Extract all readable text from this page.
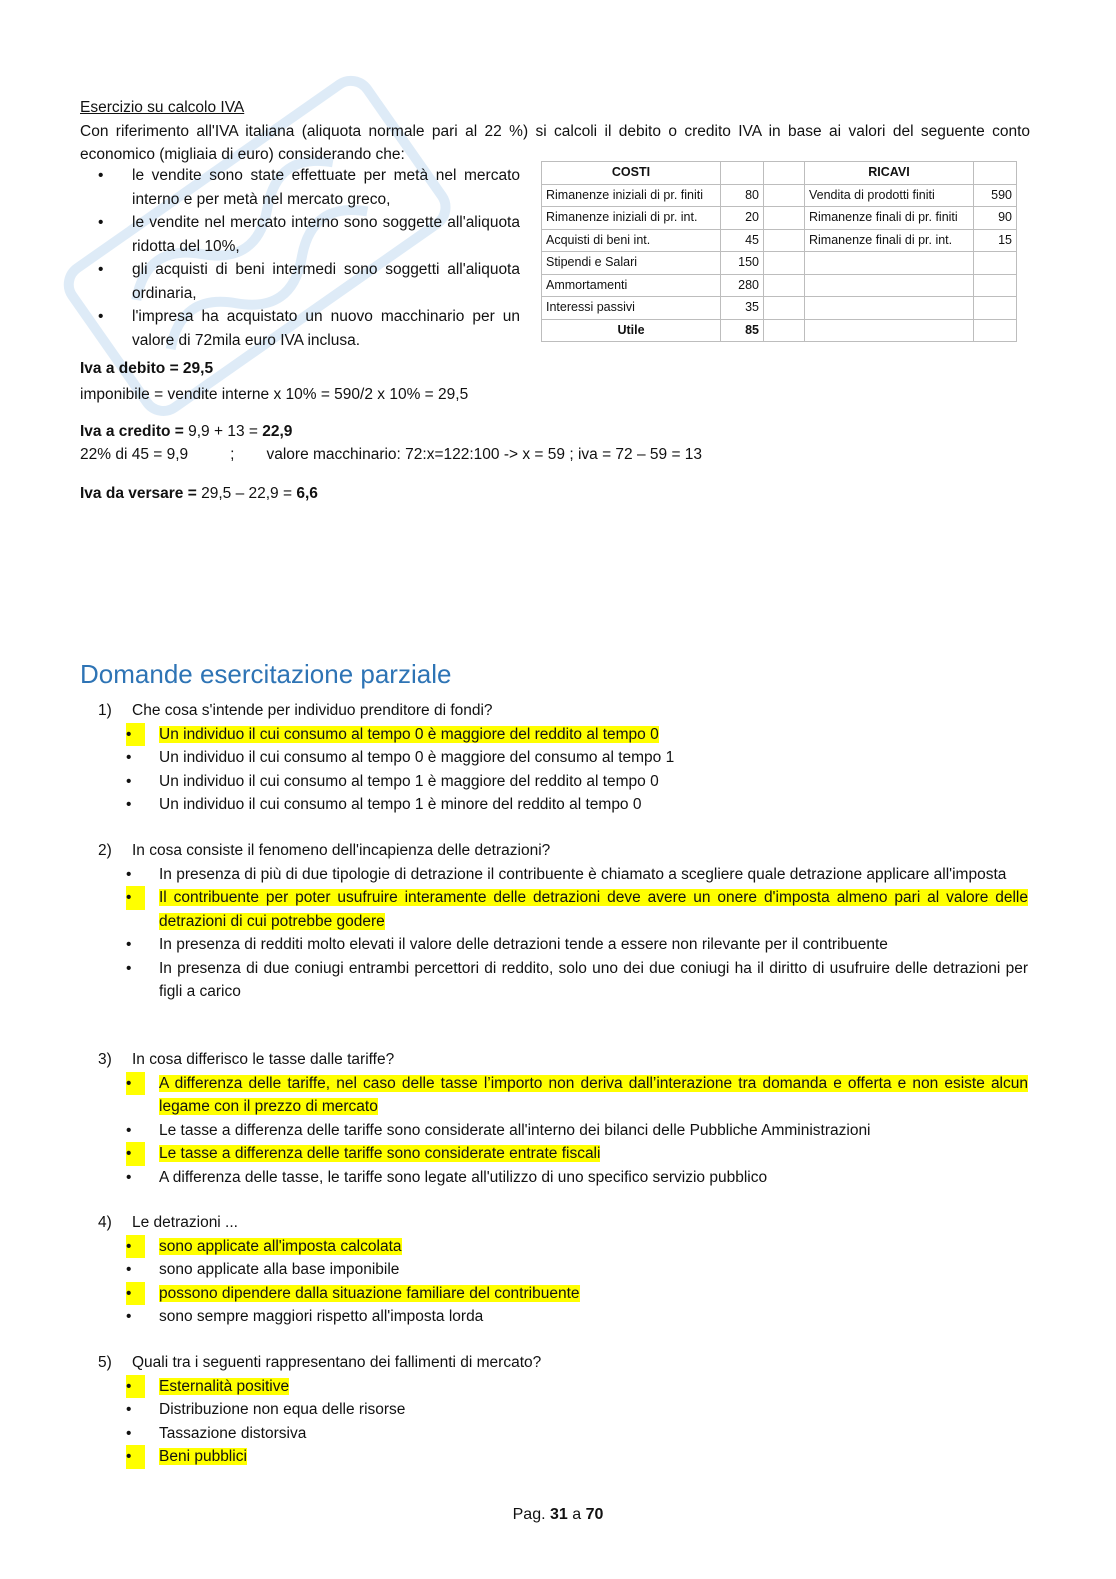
Esercizio su calcolo IVA
Con riferimento all'IVA italiana (aliquota normale pari al 22 %) si calcoli il debito o credito IVA in base ai valori del seguente conto economico (migliaia di euro) considerando che:
• le vendite sono state effettuate per metà nel mercato interno e per metà nel mercato greco,
• le vendite nel mercato interno sono soggette all'aliquota ridotta del 10%,
• gli acquisti di beni intermedi sono soggetti all'aliquota ordinaria,
• l'impresa ha acquistato un nuovo macchinario per un valore di 72mila euro IVA inclusa.
COSTI			RICAVI	
Rimanenze iniziali di pr. finiti	80		Vendita di prodotti finiti	590
Rimanenze iniziali di pr. int.	20		Rimanenze finali di pr. finiti	90
Acquisti di beni int.	45		Rimanenze finali di pr. int.	15
Stipendi e Salari	150			
Ammortamenti	280			
Interessi passivi	35			
Utile	85			
Iva a debito = 29,5
imponibile = vendite interne x 10% = 590/2 x 10% = 29,5
Iva a credito = 9,9 + 13 = 22,9
22% di 45 = 9,9	; valore macchinario: 72:x=122:100 -> x = 59 ; iva = 72 – 59 = 13
Iva da versare = 29,5 – 22,9 = 6,6
Domande esercitazione parziale
1) Che cosa s'intende per individuo prenditore di fondi?
• Un individuo il cui consumo al tempo 0 è maggiore del reddito al tempo 0
• Un individuo il cui consumo al tempo 0 è maggiore del consumo al tempo 1
• Un individuo il cui consumo al tempo 1 è maggiore del reddito al tempo 0
• Un individuo il cui consumo al tempo 1 è minore del reddito al tempo 0
2) In cosa consiste il fenomeno dell'incapienza delle detrazioni?
• In presenza di più di due tipologie di detrazione il contribuente è chiamato a scegliere quale detrazione applicare all'imposta
• Il contribuente per poter usufruire interamente delle detrazioni deve avere un onere d'imposta almeno pari al valore delle detrazioni di cui potrebbe godere
• In presenza di redditi molto elevati il valore delle detrazioni tende a essere non rilevante per il contribuente
• In presenza di due coniugi entrambi percettori di reddito, solo uno dei due coniugi ha il diritto di usufruire delle detrazioni per figli a carico
3) In cosa differisco le tasse dalle tariffe?
• A differenza delle tariffe, nel caso delle tasse l’importo non deriva dall’interazione tra domanda e offerta e non esiste alcun legame con il prezzo di mercato
• Le tasse a differenza delle tariffe sono considerate all'interno dei bilanci delle Pubbliche Amministrazioni
• Le tasse a differenza delle tariffe sono considerate entrate fiscali
• A differenza delle tasse, le tariffe sono legate all'utilizzo di uno specifico servizio pubblico
4) Le detrazioni ...
• sono applicate all'imposta calcolata
• sono applicate alla base imponibile
• possono dipendere dalla situazione familiare del contribuente
• sono sempre maggiori rispetto all'imposta lorda
5) Quali tra i seguenti rappresentano dei fallimenti di mercato?
• Esternalità positive
• Distribuzione non equa delle risorse
• Tassazione distorsiva
• Beni pubblici
Pag. 31 a 70
